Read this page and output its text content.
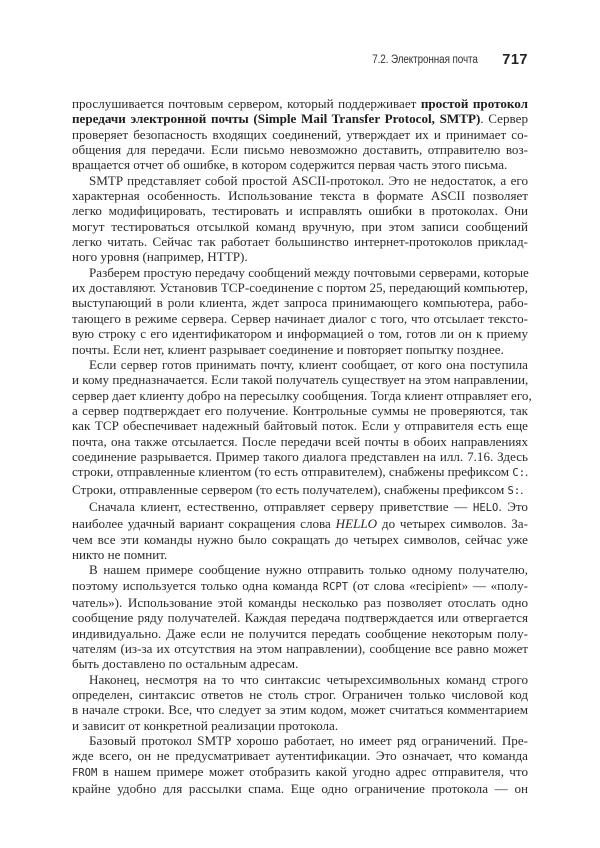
7.2. Электронная почта 717
прослушивается почтовым сервером, который поддерживает простой протокол
передачи электронной почты (Simple Mail Transfer Protocol, SMTP). Сервер
проверяет безопасность входящих соединений, утверждает их и принимает со-
общения для передачи. Если письмо невозможно доставить, отправителю воз-
вращается отчет об ошибке, в котором содержится первая часть этого письма.
SMTP представляет собой простой ASCII-протокол. Это не недостаток, а его
характерная особенность. Использование текста в формате ASCII позволяет
легко модифицировать, тестировать и исправлять ошибки в протоколах. Они
могут тестироваться отсылкой команд вручную, при этом записи сообщений
легко читать. Сейчас так работает большинство интернет-протоколов приклад-
ного уровня (например, HTTP).
Разберем простую передачу сообщений между почтовыми серверами, которые
их доставляют. Установив TCP-соединение с портом 25, передающий компьютер,
выступающий в роли клиента, ждет запроса принимающего компьютера, рабо-
тающего в режиме сервера. Сервер начинает диалог с того, что отсылает тексто-
вую строку с его идентификатором и информацией о том, готов ли он к приему
почты. Если нет, клиент разрывает соединение и повторяет попытку позднее.
Если сервер готов принимать почту, клиент сообщает, от кого она поступила
и кому предназначается. Если такой получатель существует на этом направлении,
сервер дает клиенту добро на пересылку сообщения. Тогда клиент отправляет его,
а сервер подтверждает его получение. Контрольные суммы не проверяются, так
как TCP обеспечивает надежный байтовый поток. Если у отправителя есть еще
почта, она также отсылается. После передачи всей почты в обоих направлениях
соединение разрывается. Пример такого диалога представлен на илл. 7.16. Здесь
строки, отправленные клиентом (то есть отправителем), снабжены префиксом C:.
Строки, отправленные сервером (то есть получателем), снабжены префиксом S:.
Сначала клиент, естественно, отправляет серверу приветствие — HELO. Это
наиболее удачный вариант сокращения слова HELLO до четырех символов. За-
чем все эти команды нужно было сокращать до четырех символов, сейчас уже
никто не помнит.
В нашем примере сообщение нужно отправить только одному получателю,
поэтому используется только одна команда RCPT (от слова «recipient» — «полу-
чатель»). Использование этой команды несколько раз позволяет отослать одно
сообщение ряду получателей. Каждая передача подтверждается или отвергается
индивидуально. Даже если не получится передать сообщение некоторым полу-
чателям (из-за их отсутствия на этом направлении), сообщение все равно может
быть доставлено по остальным адресам.
Наконец, несмотря на то что синтаксис четырехсимвольных команд строго
определен, синтаксис ответов не столь строг. Ограничен только числовой код
в начале строки. Все, что следует за этим кодом, может считаться комментарием
и зависит от конкретной реализации протокола.
Базовый протокол SMTP хорошо работает, но имеет ряд ограничений. Пре-
жде всего, он не предусматривает аутентификации. Это означает, что команда
FROM в нашем примере может отобразить какой угодно адрес отправителя, что
крайне удобно для рассылки спама. Еще одно ограничение протокола — он
